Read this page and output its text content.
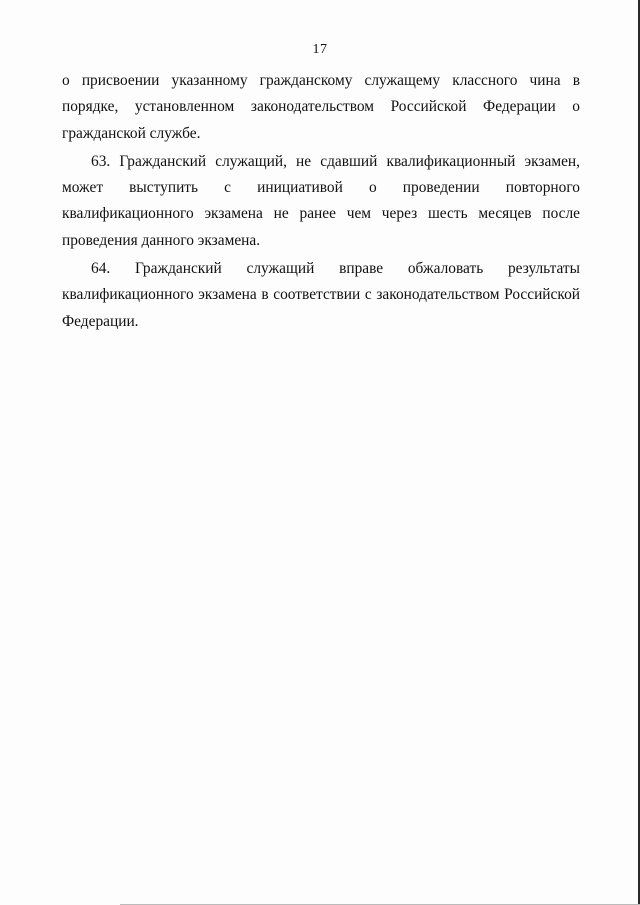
17

о присвоении указанному гражданскому служащему классного чина в порядке, установленном законодательством Российской Федерации о гражданской службе.

63. Гражданский служащий, не сдавший квалификационный экзамен, может выступить с инициативой о проведении повторного квалификационного экзамена не ранее чем через шесть месяцев после проведения данного экзамена.

64. Гражданский служащий вправе обжаловать результаты квалификационного экзамена в соответствии с законодательством Российской Федерации.
